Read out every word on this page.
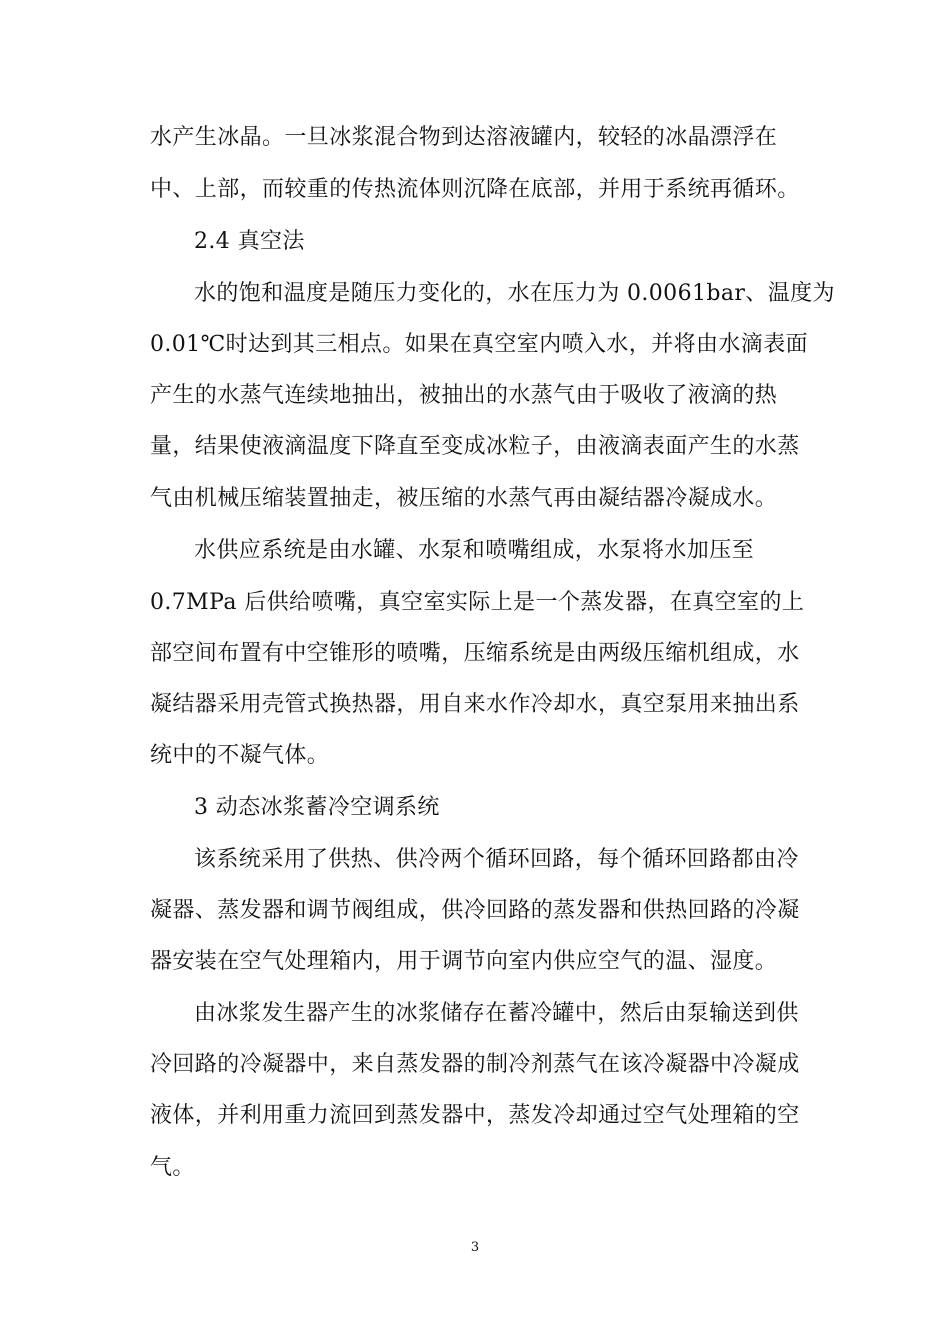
水产生冰晶。一旦冰浆混合物到达溶液罐内，较轻的冰晶漂浮在
中、上部，而较重的传热流体则沉降在底部，并用于系统再循环。
2.4 真空法
水的饱和温度是随压力变化的，水在压力为 0.0061bar、温度为
0.01℃时达到其三相点。如果在真空室内喷入水，并将由水滴表面
产生的水蒸气连续地抽出，被抽出的水蒸气由于吸收了液滴的热
量，结果使液滴温度下降直至变成冰粒子，由液滴表面产生的水蒸
气由机械压缩装置抽走，被压缩的水蒸气再由凝结器冷凝成水。
水供应系统是由水罐、水泵和喷嘴组成，水泵将水加压至
0.7MPa 后供给喷嘴，真空室实际上是一个蒸发器，在真空室的上
部空间布置有中空锥形的喷嘴，压缩系统是由两级压缩机组成，水
凝结器采用壳管式换热器，用自来水作冷却水，真空泵用来抽出系
统中的不凝气体。
3 动态冰浆蓄冷空调系统
该系统采用了供热、供冷两个循环回路，每个循环回路都由冷
凝器、蒸发器和调节阀组成，供冷回路的蒸发器和供热回路的冷凝
器安装在空气处理箱内，用于调节向室内供应空气的温、湿度。
由冰浆发生器产生的冰浆储存在蓄冷罐中，然后由泵输送到供
冷回路的冷凝器中，来自蒸发器的制冷剂蒸气在该冷凝器中冷凝成
液体，并利用重力流回到蒸发器中，蒸发冷却通过空气处理箱的空
气。
3
